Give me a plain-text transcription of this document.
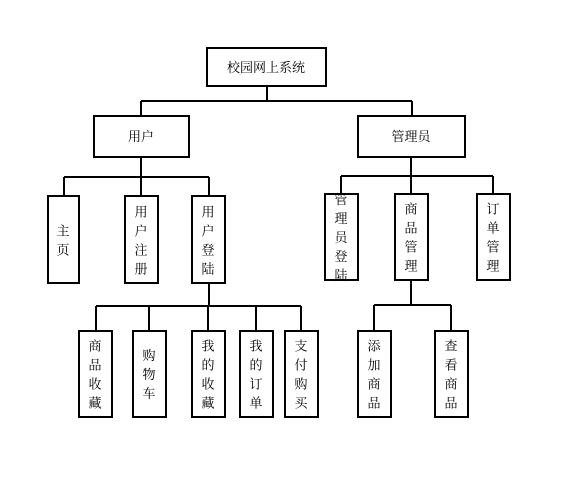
校园网上系统
用户	管理员
主页
用户注册
用户登陆
管理员登陆
商品管理
订单管理
商品收藏
购物车
我的收藏
我的订单
支付购买
添加商品
查看商品
